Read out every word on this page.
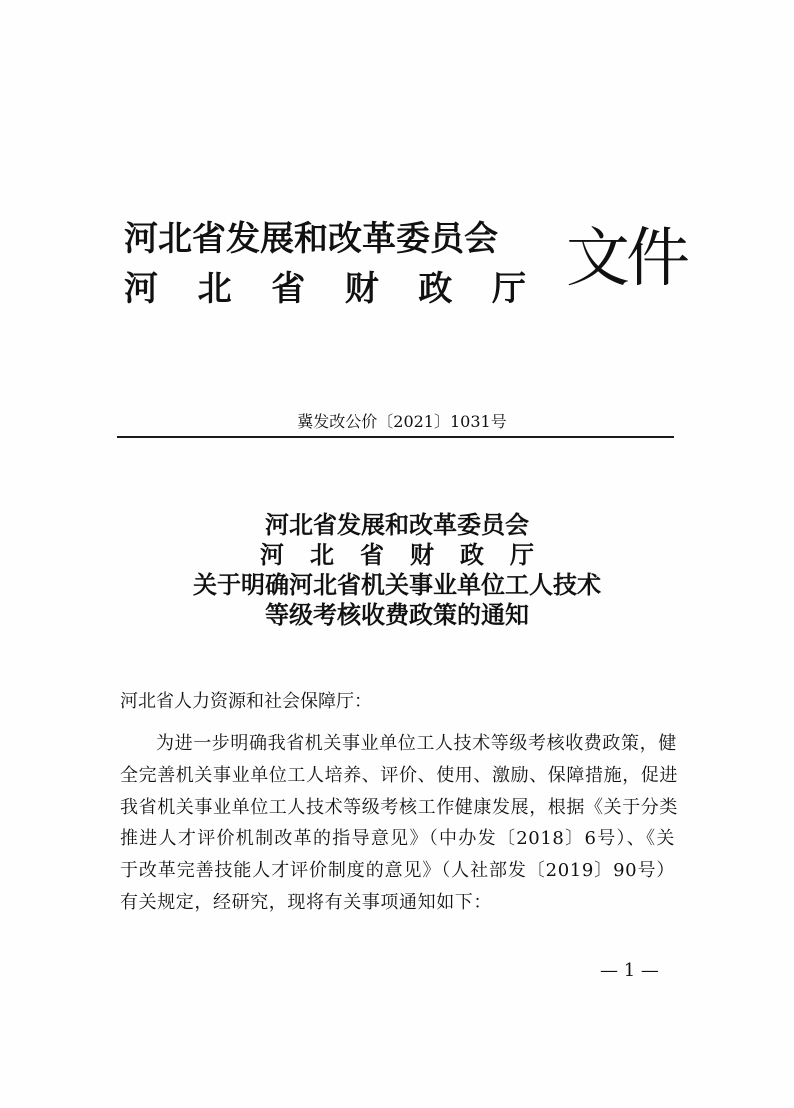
河北省发展和改革委员会
河 北 省 财 政 厅 文件
冀发改公价〔2021〕1031号
河北省发展和改革委员会
河 北 省 财 政 厅
关于明确河北省机关事业单位工人技术
等级考核收费政策的通知
河北省人力资源和社会保障厅：
为进一步明确我省机关事业单位工人技术等级考核收费政策，健
全完善机关事业单位工人培养、评价、使用、激励、保障措施，促进
我省机关事业单位工人技术等级考核工作健康发展，根据《关于分类
推进人才评价机制改革的指导意见》（中办发〔2018〕6号）、《关
于改革完善技能人才评价制度的意见》（人社部发〔2019〕90号）
有关规定，经研究，现将有关事项通知如下：
— 1 —
